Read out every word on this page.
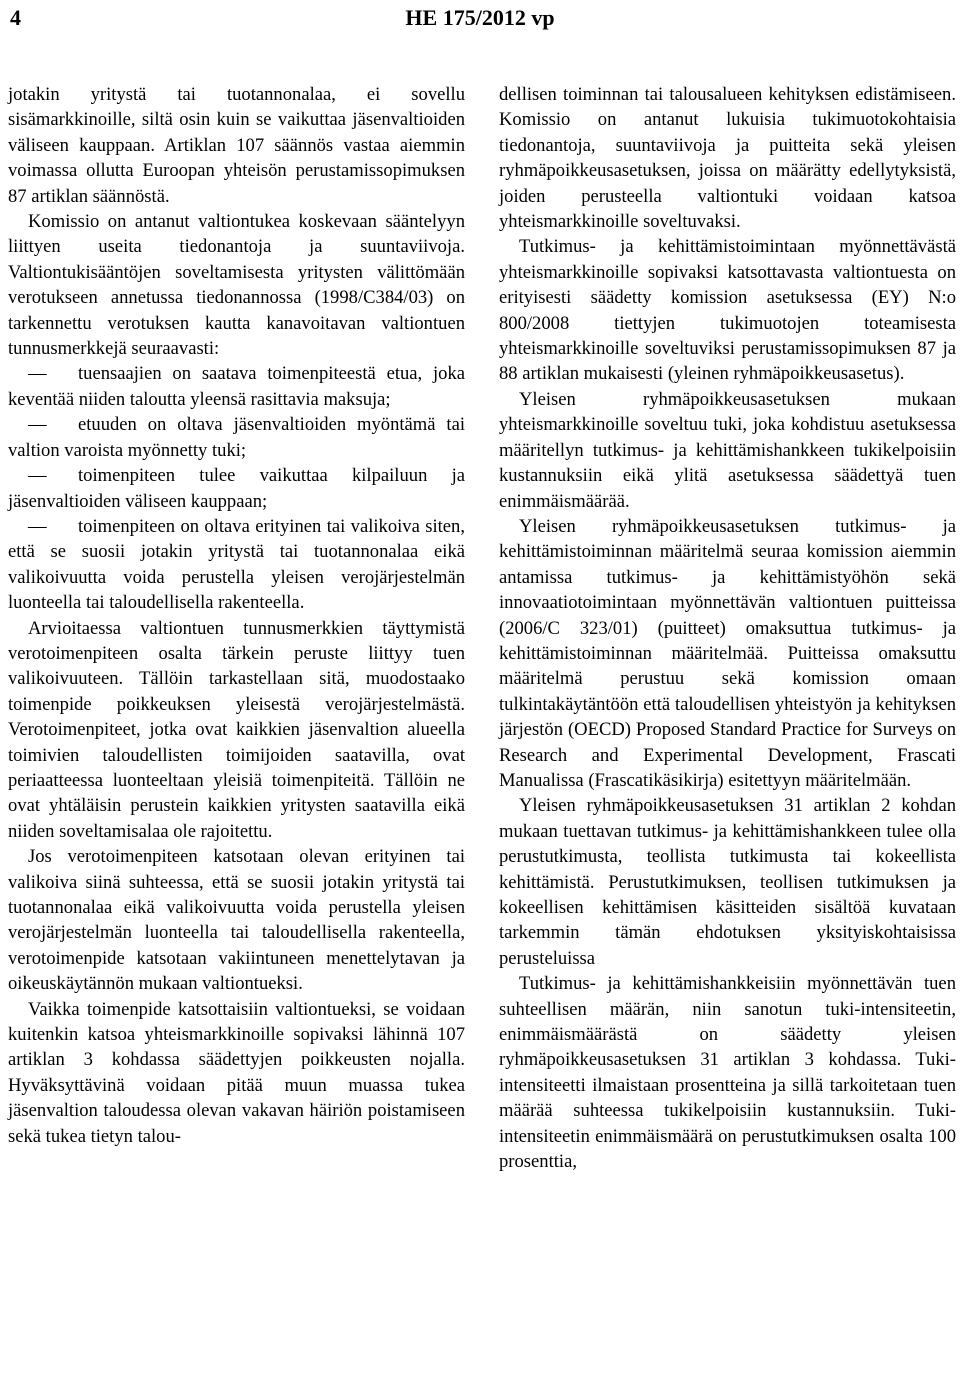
4	HE 175/2012 vp

jotakin yritystä tai tuotannonalaa, ei sovellu sisämarkkinoille, siltä osin kuin se vaikuttaa jäsenvaltioiden väliseen kauppaan. Artiklan 107 säännös vastaa aiemmin voimassa ollutta Euroopan yhteisön perustamissopimuksen 87 artiklan säännöstä.

Komissio on antanut valtiontukea koskevaan sääntelyyn liittyen useita tiedonantoja ja suuntaviivoja. Valtiontukisääntöjen soveltamisesta yritysten välittömään verotukseen annetussa tiedonannossa (1998/C384/03) on tarkennettu verotuksen kautta kanavoitavan valtiontuen tunnusmerkkejä seuraavasti:

— tuensaajien on saatava toimenpiteestä etua, joka keventää niiden taloutta yleensä rasittavia maksuja;

— etuuden on oltava jäsenvaltioiden myöntämä tai valtion varoista myönnetty tuki;

— toimenpiteen tulee vaikuttaa kilpailuun ja jäsenvaltioiden väliseen kauppaan;

— toimenpiteen on oltava erityinen tai valikoiva siten, että se suosii jotakin yritystä tai tuotannonalaa eikä valikoivuutta voida perustella yleisen verojärjestelmän luonteella tai taloudellisella rakenteella.

Arvioitaessa valtiontuen tunnusmerkkien täyttymistä verotoimenpiteen osalta tärkein peruste liittyy tuen valikoivuuteen. Tällöin tarkastellaan sitä, muodostaako toimenpide poikkeuksen yleisestä verojärjestelmästä. Verotoimenpiteet, jotka ovat kaikkien jäsenvaltion alueella toimivien taloudellisten toimijoiden saatavilla, ovat periaatteessa luonteeltaan yleisiä toimenpiteitä. Tällöin ne ovat yhtäläisin perustein kaikkien yritysten saatavilla eikä niiden soveltamisalaa ole rajoitettu.

Jos verotoimenpiteen katsotaan olevan erityinen tai valikoiva siinä suhteessa, että se suosii jotakin yritystä tai tuotannonalaa eikä valikoivuutta voida perustella yleisen verojärjestelmän luonteella tai taloudellisella rakenteella, verotoimenpide katsotaan vakiintuneen menettelytavan ja oikeuskäytännön mukaan valtiontueksi.

Vaikka toimenpide katsottaisiin valtiontueksi, se voidaan kuitenkin katsoa yhteismarkkinoille sopivaksi lähinnä 107 artiklan 3 kohdassa säädettyjen poikkeusten nojalla. Hyväksyttävinä voidaan pitää muun muassa tukea jäsenvaltion taloudessa olevan vakavan häiriön poistamiseen sekä tukea tietyn talou-

dellisen toiminnan tai talousalueen kehityksen edistämiseen. Komissio on antanut lukuisia tukimuotokohtaisia tiedonantoja, suuntaviivoja ja puitteita sekä yleisen ryhmäpoikkeusasetuksen, joissa on määrätty edellytyksistä, joiden perusteella valtiontuki voidaan katsoa yhteismarkkinoille soveltuvaksi.

Tutkimus- ja kehittämistoimintaan myönnettävästä yhteismarkkinoille sopivaksi katsottavasta valtiontuesta on erityisesti säädetty komission asetuksessa (EY) N:o 800/2008 tiettyjen tukimuotojen toteamisesta yhteismarkkinoille soveltuviksi perustamissopimuksen 87 ja 88 artiklan mukaisesti (yleinen ryhmäpoikkeusasetus).

Yleisen ryhmäpoikkeusasetuksen mukaan yhteismarkkinoille soveltuu tuki, joka kohdistuu asetuksessa määritellyn tutkimus- ja kehittämishankkeen tukikelpoisiin kustannuksiin eikä ylitä asetuksessa säädettyä tuen enimmäismäärää.

Yleisen ryhmäpoikkeusasetuksen tutkimus- ja kehittämistoiminnan määritelmä seuraa komission aiemmin antamissa tutkimus- ja kehittämistyöhön sekä innovaatiotoimintaan myönnettävän valtiontuen puitteissa (2006/C 323/01) (puitteet) omaksuttua tutkimus- ja kehittämistoiminnan määritelmää. Puitteissa omaksuttu määritelmä perustuu sekä komission omaan tulkintakäytäntöön että taloudellisen yhteistyön ja kehityksen järjestön (OECD) Proposed Standard Practice for Surveys on Research and Experimental Development, Frascati Manualissa (Frascatikäsikirja) esitettyyn määritelmään.

Yleisen ryhmäpoikkeusasetuksen 31 artiklan 2 kohdan mukaan tuettavan tutkimus- ja kehittämishankkeen tulee olla perustutkimusta, teollista tutkimusta tai kokeellista kehittämistä. Perustutkimuksen, teollisen tutkimuksen ja kokeellisen kehittämisen käsitteiden sisältöä kuvataan tarkemmin tämän ehdotuksen yksityiskohtaisissa perusteluissa

Tutkimus- ja kehittämishankkeisiin myönnettävän tuen suhteellisen määrän, niin sanotun tuki-intensiteetin, enimmäismäärästä on säädetty yleisen ryhmäpoikkeusasetuksen 31 artiklan 3 kohdassa. Tuki-intensiteetti ilmaistaan prosentteina ja sillä tarkoitetaan tuen määrää suhteessa tukikelpoisiin kustannuksiin. Tuki-intensiteetin enimmäismäärä on perustutkimuksen osalta 100 prosenttia,
